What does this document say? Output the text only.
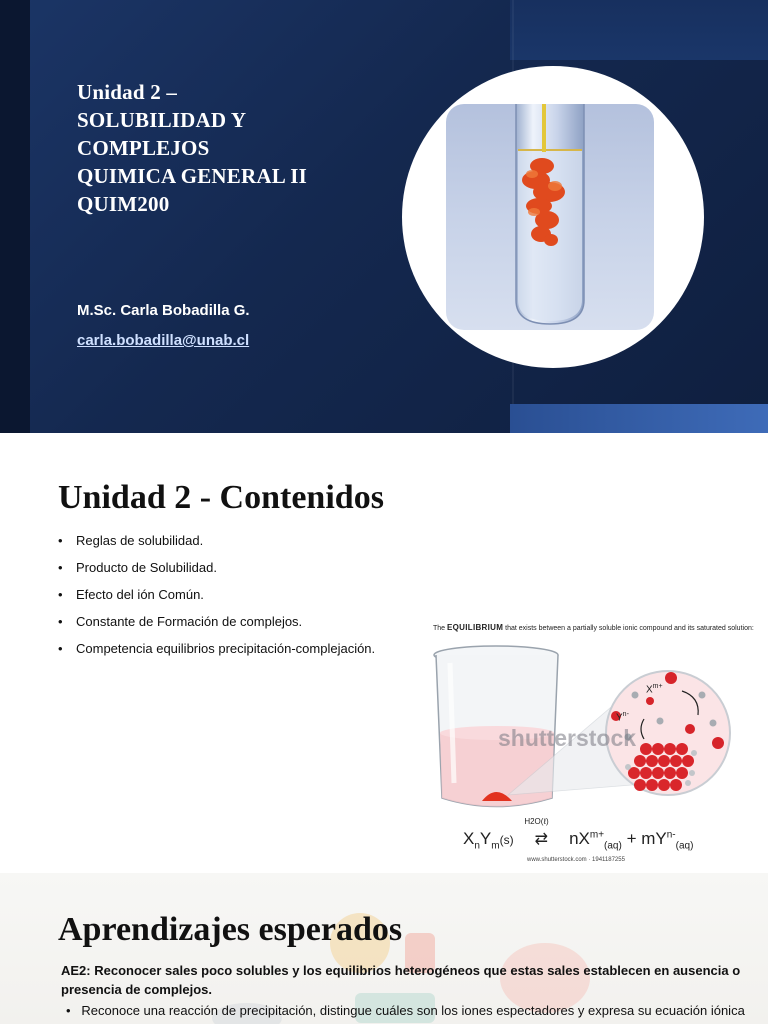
Unidad 2 –
SOLUBILIDAD Y
COMPLEJOS
QUIMICA GENERAL II
QUIM200
M.Sc. Carla Bobadilla G.
carla.bobadilla@unab.cl
Unidad 2 - Contenidos
• Reglas de solubilidad.
• Producto de Solubilidad.
• Efecto del ión Común.
• Constante de Formación de complejos.
• Competencia equilibrios precipitación-complejación.
The EQUILIBRIUM that exists between a partially soluble ionic compound and its saturated solution:
$X^{m+}$
$Y^{n-}$
shutterstock
$X_nY_m(s)$
H2O(ℓ)
⇄ $nX^{m+}_{(aq)} + mY^{n-}_{(aq)}$
www.shutterstock.com · 1941187255
Aprendizajes esperados

AE2: Reconocer sales poco solubles y los equilibrios heterogéneos que estas sales establecen en ausencia o presencia de complejos.

•   Reconoce una reacción de precipitación, distingue cuáles son los iones espectadores y expresa su ecuación iónica
